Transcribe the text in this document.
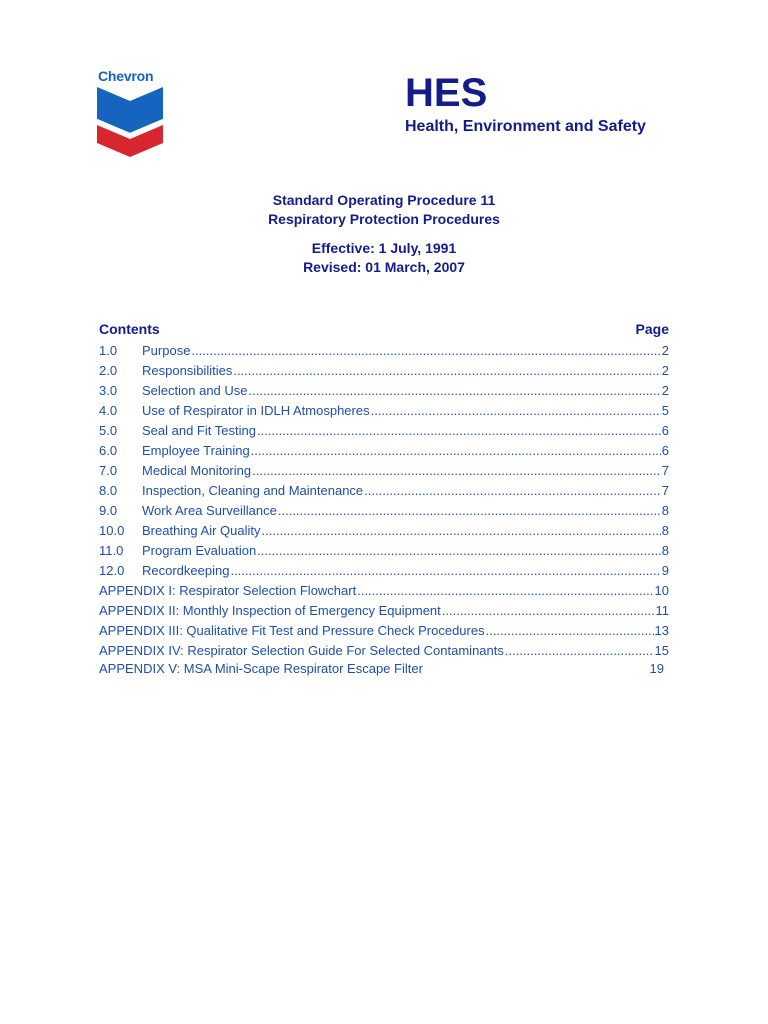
Chevron	HES
Health, Environment and Safety
Standard Operating Procedure 11
Respiratory Protection Procedures
Effective: 1 July, 1991
Revised: 01 March, 2007
Contents	Page
1.0	Purpose .....	2
2.0	Responsibilities .....	2
3.0	Selection and Use .....	2
4.0	Use of Respirator in IDLH Atmospheres .....	5
5.0	Seal and Fit Testing .....	6
6.0	Employee Training .....	6
7.0	Medical Monitoring .....	7
8.0	Inspection, Cleaning and Maintenance .....	7
9.0	Work Area Surveillance .....	8
10.0	Breathing Air Quality .....	8
11.0	Program Evaluation .....	8
12.0	Recordkeeping .....	9
APPENDIX I: Respirator Selection Flowchart .....	10
APPENDIX II: Monthly Inspection of Emergency Equipment .....	11
APPENDIX III: Qualitative Fit Test and Pressure Check Procedures .....	13
APPENDIX IV: Respirator Selection Guide For Selected Contaminants .....	15
APPENDIX V: MSA Mini-Scape Respirator Escape Filter	19
